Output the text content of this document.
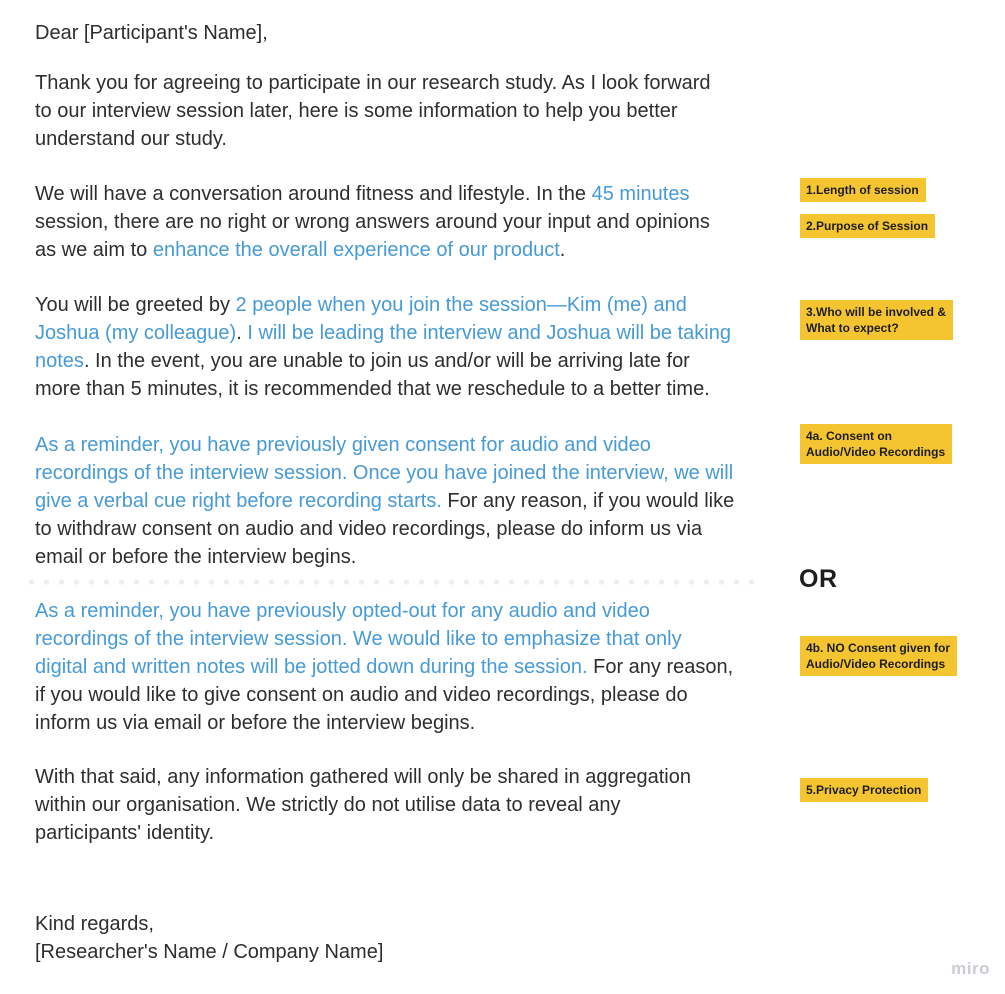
Dear [Participant's Name],
Thank you for agreeing to participate in our research study. As I look forward
to our interview session later, here is some information to help you better
understand our study.
We will have a conversation around fitness and lifestyle. In the 45 minutes
session, there are no right or wrong answers around your input and opinions
as we aim to enhance the overall experience of our product.
You will be greeted by 2 people when you join the session—Kim (me) and
Joshua (my colleague). I will be leading the interview and Joshua will be taking
notes. In the event, you are unable to join us and/or will be arriving late for
more than 5 minutes, it is recommended that we reschedule to a better time.
As a reminder, you have previously given consent for audio and video
recordings of the interview session. Once you have joined the interview, we will
give a verbal cue right before recording starts. For any reason, if you would like
to withdraw consent on audio and video recordings, please do inform us via
email or before the interview begins.
As a reminder, you have previously opted-out for any audio and video
recordings of the interview session. We would like to emphasize that only
digital and written notes will be jotted down during the session. For any reason,
if you would like to give consent on audio and video recordings, please do
inform us via email or before the interview begins.
With that said, any information gathered will only be shared in aggregation
within our organisation. We strictly do not utilise data to reveal any
participants' identity.
Kind regards,
[Researcher's Name / Company Name]
1.Length of session
2.Purpose of Session
3.Who will be involved &
What to expect?
4a. Consent on
Audio/Video Recordings
4b. NO Consent given for
Audio/Video Recordings
5.Privacy Protection
OR
miro
